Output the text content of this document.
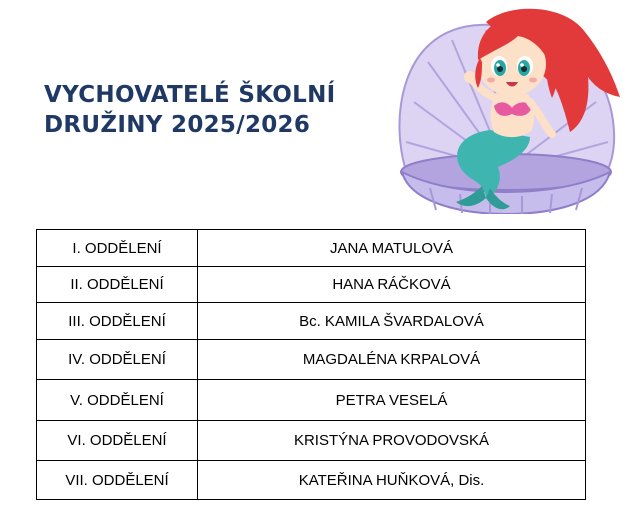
VYCHOVATELÉ ŠKOLNÍ
DRUŽINY 2025/2026
I. ODDĚLENÍ	JANA MATULOVÁ
II. ODDĚLENÍ	HANA RÁČKOVÁ
III. ODDĚLENÍ	Bc. KAMILA ŠVARDALOVÁ
IV. ODDĚLENÍ	MAGDALÉNA KRPALOVÁ
V. ODDĚLENÍ	PETRA VESELÁ
VI. ODDĚLENÍ	KRISTÝNA PROVODOVSKÁ
VII. ODDĚLENÍ	KATEŘINA HUŇKOVÁ, Dis.
